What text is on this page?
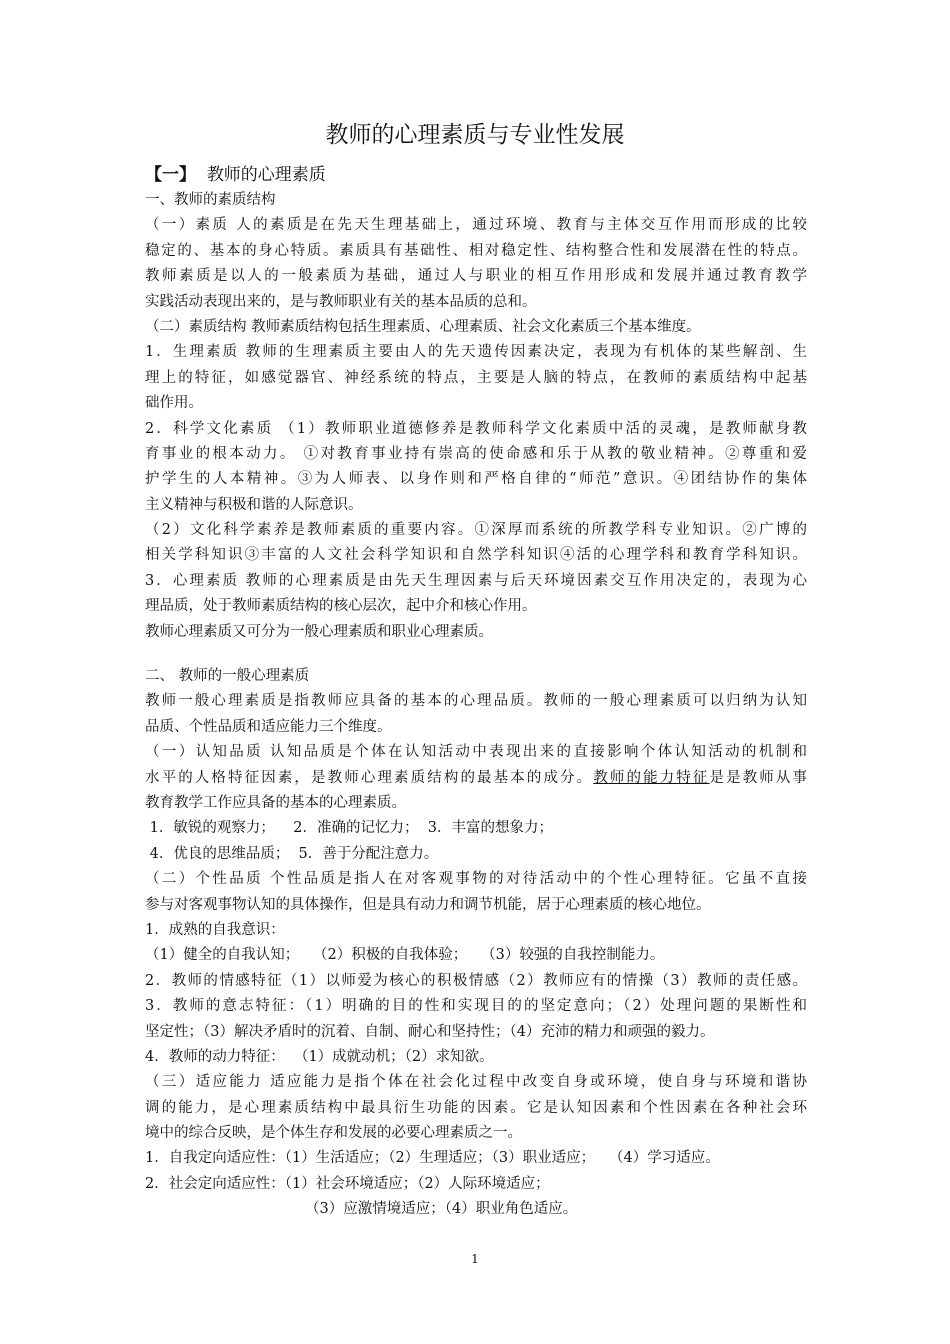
教师的心理素质与专业性发展
【一】 教师的心理素质
一、教师的素质结构
（一）素质 人的素质是在先天生理基础上，通过环境、教育与主体交互作用而形成的比较
稳定的、基本的身心特质。素质具有基础性、相对稳定性、结构整合性和发展潜在性的特点。
教师素质是以人的一般素质为基础，通过人与职业的相互作用形成和发展并通过教育教学
实践活动表现出来的，是与教师职业有关的基本品质的总和。
（二）素质结构 教师素质结构包括生理素质、心理素质、社会文化素质三个基本维度。
1．生理素质 教师的生理素质主要由人的先天遗传因素决定，表现为有机体的某些解剖、生
理上的特征，如感觉器官、神经系统的特点，主要是人脑的特点，在教师的素质结构中起基
础作用。
2．科学文化素质 （1）教师职业道德修养是教师科学文化素质中活的灵魂，是教师献身教
育事业的根本动力。 ①对教育事业持有崇高的使命感和乐于从教的敬业精神。②尊重和爱
护学生的人本精神。③为人师表、以身作则和严格自律的“师范”意识。④团结协作的集体
主义精神与积极和谐的人际意识。
（2）文化科学素养是教师素质的重要内容。①深厚而系统的所教学科专业知识。②广博的
相关学科知识③丰富的人文社会科学知识和自然学科知识④活的心理学科和教育学科知识。
3．心理素质 教师的心理素质是由先天生理因素与后天环境因素交互作用决定的，表现为心
理品质，处于教师素质结构的核心层次，起中介和核心作用。
教师心理素质又可分为一般心理素质和职业心理素质。
二、 教师的一般心理素质
教师一般心理素质是指教师应具备的基本的心理品质。教师的一般心理素质可以归纳为认知
品质、个性品质和适应能力三个维度。
（一）认知品质 认知品质是个体在认知活动中表现出来的直接影响个体认知活动的机制和
水平的人格特征因素，是教师心理素质结构的最基本的成分。教师的能力特征是是教师从事
教育教学工作应具备的基本的心理素质。
1．敏锐的观察力；    2．准确的记忆力；  3．丰富的想象力；
4．优良的思维品质；  5．善于分配注意力。
（二）个性品质 个性品质是指人在对客观事物的对待活动中的个性心理特征。它虽不直接
参与对客观事物认知的具体操作，但是具有动力和调节机能，居于心理素质的核心地位。
1．成熟的自我意识：
（1）健全的自我认知；   （2）积极的自我体验；   （3）较强的自我控制能力。
2．教师的情感特征（1）以师爱为核心的积极情感（2）教师应有的情操（3）教师的责任感。
3．教师的意志特征：（1）明确的目的性和实现目的的坚定意向；（2）处理问题的果断性和
坚定性；（3）解决矛盾时的沉着、自制、耐心和坚持性；（4）充沛的精力和顽强的毅力。
4．教师的动力特征：  （1）成就动机；（2）求知欲。
（三）适应能力 适应能力是指个体在社会化过程中改变自身或环境，使自身与环境和谐协
调的能力，是心理素质结构中最具衍生功能的因素。它是认知因素和个性因素在各种社会环
境中的综合反映，是个体生存和发展的必要心理素质之一。
1．自我定向适应性：（1）生活适应；（2）生理适应；（3）职业适应；   （4）学习适应。
2．社会定向适应性：（1）社会环境适应；（2）人际环境适应；
（3）应激情境适应；（4）职业角色适应。
1
